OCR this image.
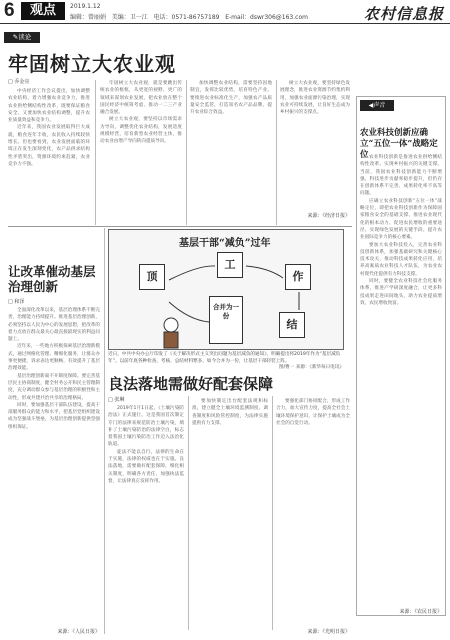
6	观点	2019.1.12
编辑：曾丽娟 美编：卫一江 电话：0571-86757189 E-mail：dswr306@163.com	农村信息报
✎读论
牢固树立大农业观
□ 乔金亮

中央经济工作会议提出，加快调整农业结构，着力增强农业竞争力，推进农业供给侧结构性改革，既要保证粮食安全，又要加快农业结构调整，提升农业质量效益和竞争力。

近年来，我国农业发展取得巨大成就，粮食连年丰收，农民收入持续较快增长。但也要看到，农业发展面临的环境正在发生深刻变化，农产品供求结构性矛盾突出，资源环境约束趋紧，农业竞争力不强。

牢固树立大农业观，就是要跳出传统农业的框框，从更宽的视野、更广的领域来谋划农业发展，把农业放在整个国民经济中统筹考虑，推动一二三产业融合发展。

树立大农业观，要坚持以市场需求为导向，调整优化农业结构，发展适度规模经营，培育新型农业经营主体，推动农业由增产导向转向提质导向。

加快调整农业结构，需要坚持因地制宜，发挥比较优势，培育特色产业。要推进农业标准化生产，加强农产品质量安全监管，打造知名农产品品牌，提升农业综合效益。

树立大农业观，要坚持绿色发展理念，推进农业资源节约集约利用，加强农业面源污染治理，实现农业可持续发展，让良好生态成为乡村振兴的支撑点。

来源：《经济日报》
让改革催动基层治理创新
□ 和泽

全面深化改革以来，基层治理体系不断完善，治理能力持续提升。推进基层治理创新，必须坚持以人民为中心的发展思想，把改革的着力点放在群众最关心最直接最现实的利益问题上。

近年来，一些地方积极探索基层治理新模式，通过网格化管理、精细化服务，让群众办事更便捷、诉求表达更顺畅，有效提升了基层治理效能。

基层治理创新离不开制度保障。要完善基层民主协商制度，健全村务公开和民主管理制度，充分调动群众参与基层治理的积极性和主动性，形成共建共治共享的治理格局。

同时，要加强基层干部队伍建设，提高干部服务群众的能力和水平，把基层党组织建设成为坚强战斗堡垒，为基层治理创新提供坚强组织保证。

来源：《人民日报》
基层干部“减负”过年
顶
工
作
结
合并为一份
近日，中共中央办公厅印发了《关于解决形式主义突出问题为基层减负的通知》，明确提出将2019年作为“基层减负年”。以前年底各种检查、考核、总结材料繁多，如今合并为一份，让基层干部轻装上阵。
图/曹一 来源：《新华每日电讯》
良法落地需做好配套保障
□ 张琳

2019年1月1日起，《土壤污染防治法》正式施行。这是我国首次制定专门的法律来规范防治土壤污染，填补了土壤污染防治的法律空白，标志着我国土壤污染防治工作迈入法治化轨道。

徒法不能以自行。法律的生命在于实施，法律的权威也在于实施。良法落地，需要做好配套保障，细化相关制度，明确各方责任，加强执法监督，让法律真正发挥作用。

要加快制定出台配套法规和标准，建立健全土壤环境监测制度、调查制度和风险管控制度，为法律实施提供有力支撑。

要强化部门协同配合，形成工作合力，加大宣传力度，提高全社会土壤环境保护意识，让保护土壤成为全社会的自觉行动。

来源：《光明日报》
◀声音
农业科技创新应确立“五位一体”战略定位 农业科技创新是推进农业供给侧结构性改革、实现乡村振兴的关键支撑。当前，我国农业科技创新能力不断增强，科技进步贡献率稳步提升，但仍存在创新体系不完善、成果转化率不高等问题。

应确立农业科技创新“五位一体”战略定位，即把农业科技创新作为保障国家粮食安全的基础支撑、推进农业现代化的根本动力、促进农民增收的重要途径、实现绿色发展的关键手段、提升农业国际竞争力的核心要素。

要加大农业科技投入，完善农业科技创新体系，加强基础研究和关键核心技术攻关，推动科技成果转化应用，培养高素质农业科技人才队伍，为农业农村现代化提供有力科技支撑。

同时，要健全农业科技社会化服务体系，推进产学研深度融合，让更多科技成果走进田间地头，助力农业提质增效、农民增收致富。

来源：《农民日报》
